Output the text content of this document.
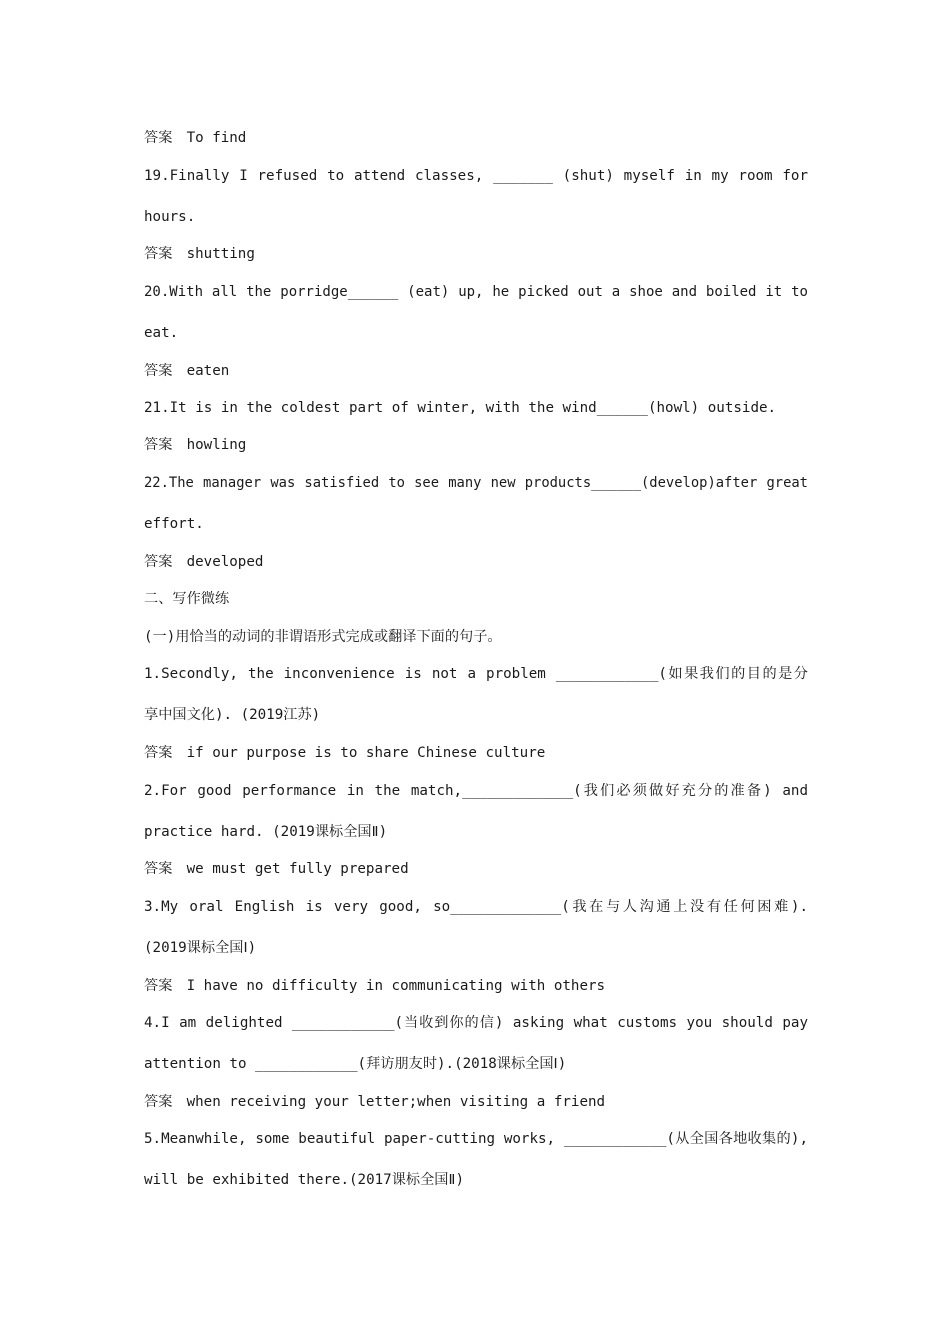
答案　To find
19.Finally I refused to attend classes, _______ (shut) myself in my room for
hours.
答案　shutting
20.With all the porridge______ (eat) up, he picked out a shoe and boiled it to
eat.
答案　eaten
21.It is in the coldest part of winter, with the wind______(howl) outside.
答案　howling
22.The manager was satisfied to see many new products______(develop)after great
effort.
答案　developed
二、写作微练
(一)用恰当的动词的非谓语形式完成或翻译下面的句子。
1.Secondly, the inconvenience is not a problem ____________(如果我们的目的是分
享中国文化). (2019江苏)
答案　if our purpose is to share Chinese culture
2.For good performance in the match,_____________(我们必须做好充分的准备) and
practice hard. (2019课标全国Ⅱ)
答案　we must get fully prepared
3.My oral English is very good, so_____________(我在与人沟通上没有任何困难).
(2019课标全国Ⅰ)
答案　I have no difficulty in communicating with others
4.I am delighted ____________(当收到你的信) asking what customs you should pay
attention to ____________(拜访朋友时).(2018课标全国Ⅰ)
答案　when receiving your letter;when visiting a friend
5.Meanwhile, some beautiful paper-cutting works, ____________(从全国各地收集的),
will be exhibited there.(2017课标全国Ⅱ)
